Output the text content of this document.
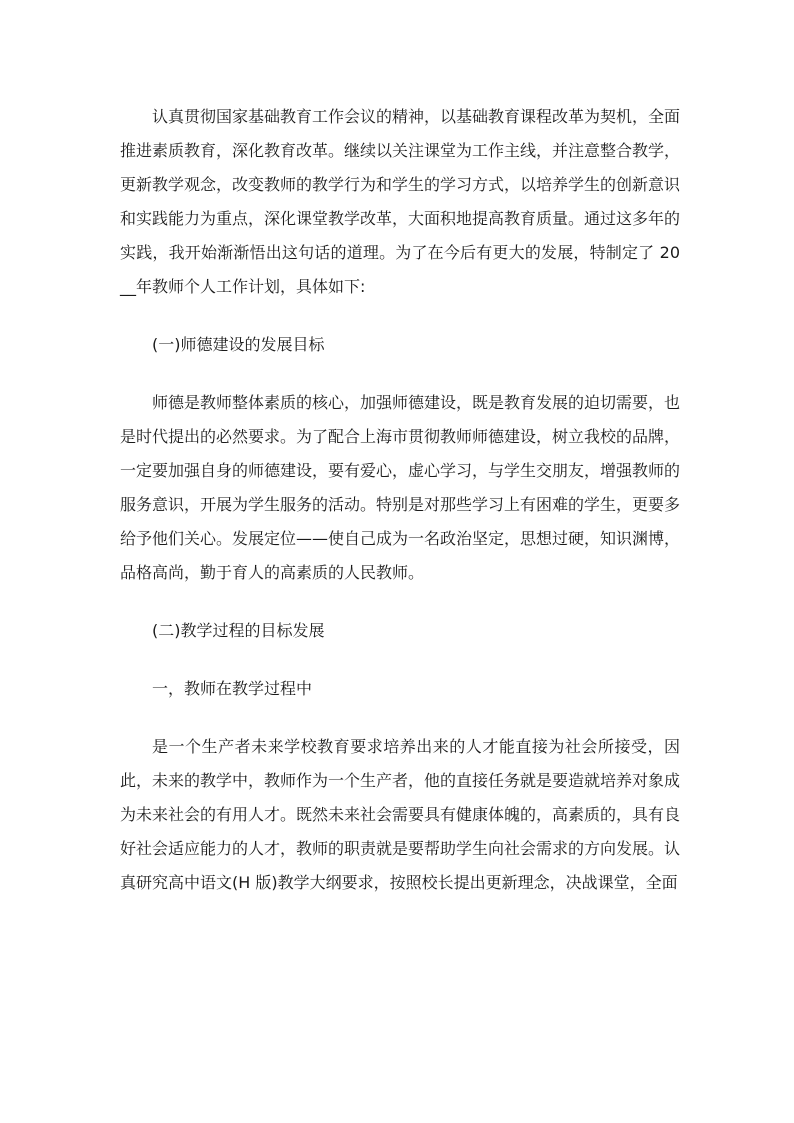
认真贯彻国家基础教育工作会议的精神，以基础教育课程改革为契机，全面推进素质教育，深化教育改革。继续以关注课堂为工作主线，并注意整合教学，更新教学观念，改变教师的教学行为和学生的学习方式，以培养学生的创新意识和实践能力为重点，深化课堂教学改革，大面积地提高教育质量。通过这多年的实践，我开始渐渐悟出这句话的道理。为了在今后有更大的发展，特制定了 20__年教师个人工作计划，具体如下:

(一)师德建设的发展目标

师德是教师整体素质的核心，加强师德建设，既是教育发展的迫切需要，也是时代提出的必然要求。为了配合上海市贯彻教师师德建设，树立我校的品牌，一定要加强自身的师德建设，要有爱心，虚心学习，与学生交朋友，增强教师的服务意识，开展为学生服务的活动。特别是对那些学习上有困难的学生，更要多给予他们关心。发展定位——使自己成为一名政治坚定，思想过硬，知识渊博，品格高尚，勤于育人的高素质的人民教师。

(二)教学过程的目标发展

一，教师在教学过程中

是一个生产者未来学校教育要求培养出来的人才能直接为社会所接受，因此，未来的教学中，教师作为一个生产者，他的直接任务就是要造就培养对象成为未来社会的有用人才。既然未来社会需要具有健康体魄的，高素质的，具有良好社会适应能力的人才，教师的职责就是要帮助学生向社会需求的方向发展。认真研究高中语文(H 版)教学大纲要求，按照校长提出更新理念，决战课堂，全面
